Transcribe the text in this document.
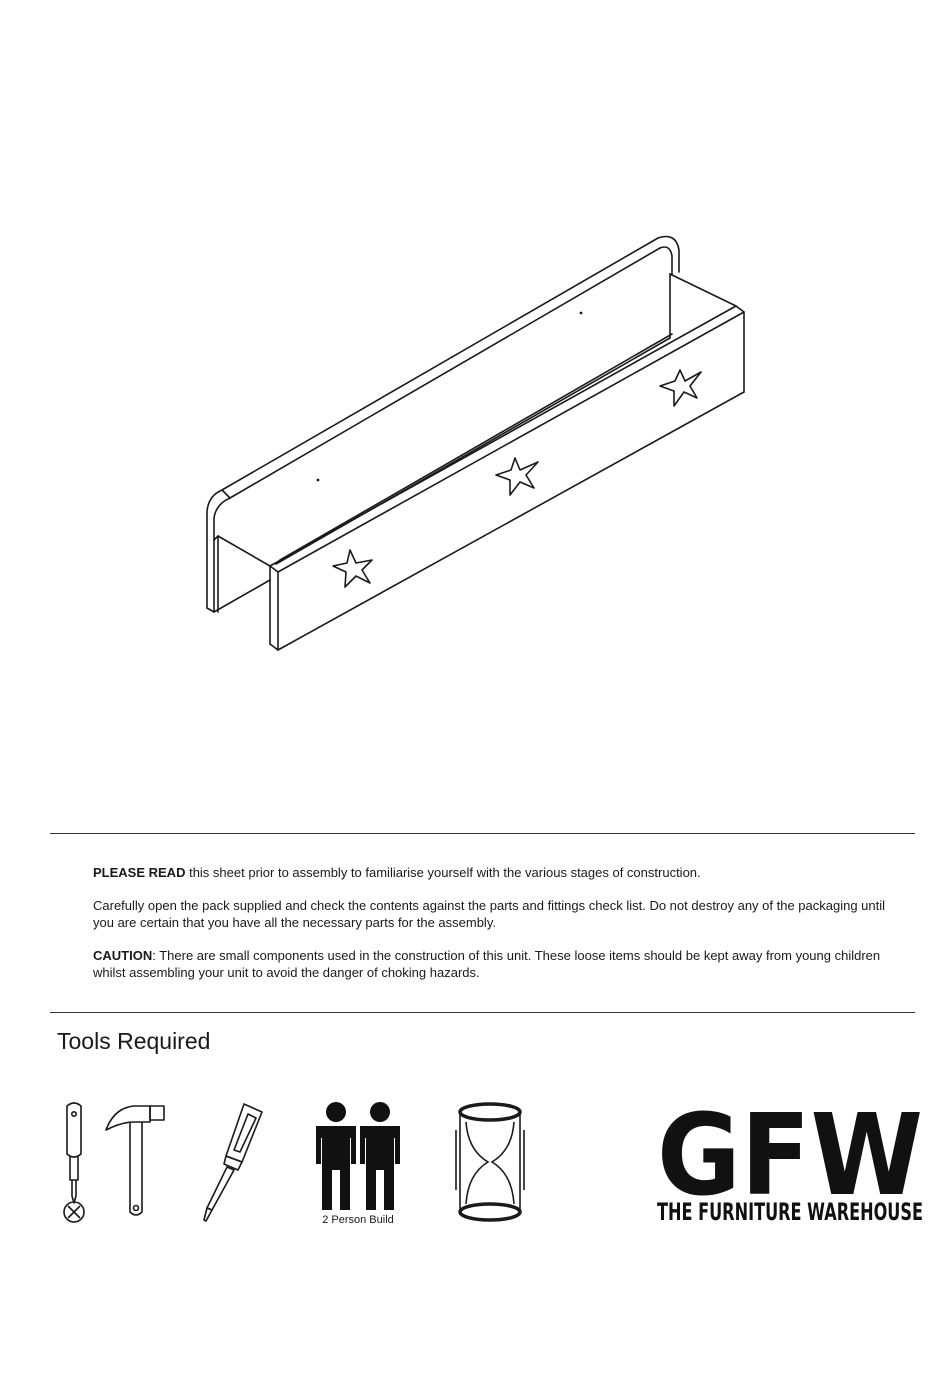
PLEASE READ this sheet prior to assembly to familiarise yourself with the various stages of construction.

Carefully open the pack supplied and check the contents against the parts and fittings check list. Do not destroy any of the packaging until you are certain that you have all the necessary parts for the assembly.

CAUTION: There are small components used in the construction of this unit. These loose items should be kept away from young children whilst assembling your unit to avoid the danger of choking hazards.

Tools Required
2 Person Build GFW
THE FURNITURE WAREHOUSE
